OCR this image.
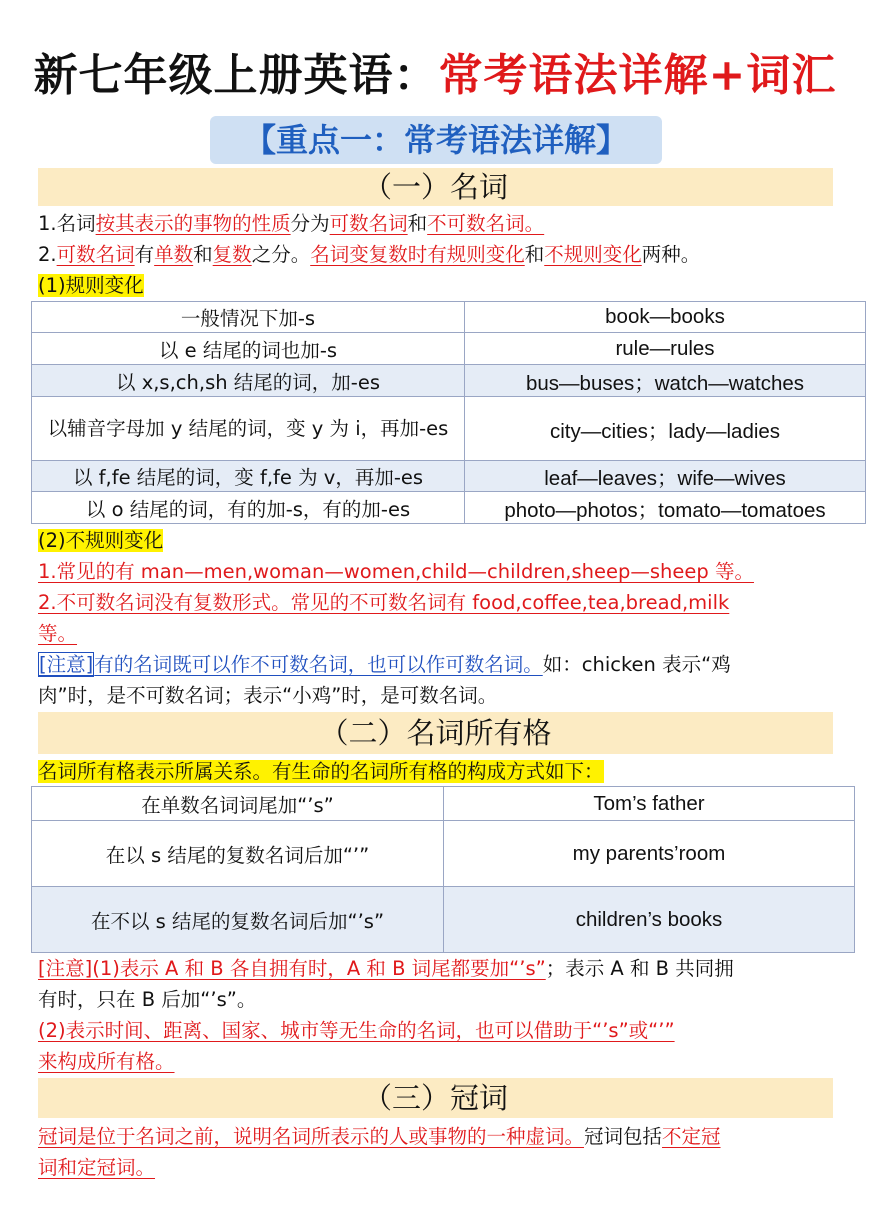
新七年级上册英语：常考语法详解+词汇
【重点一：常考语法详解】
（一）名词
1.名词按其表示的事物的性质分为可数名词和不可数名词。
2.可数名词有单数和复数之分。名词变复数时有规则变化和不规则变化两种。
(1)规则变化
一般情况下加-s	book—books
以 e 结尾的词也加-s	rule—rules
以 x,s,ch,sh 结尾的词，加-es	bus—buses；watch—watches
以辅音字母加 y 结尾的词，变 y 为 i，再加-es	city—cities；lady—ladies
以 f,fe 结尾的词，变 f,fe 为 v，再加-es	leaf—leaves；wife—wives
以 o 结尾的词，有的加-s，有的加-es	photo—photos；tomato—tomatoes
(2)不规则变化
1.常见的有 man—men,woman—women,child—children,sheep—sheep 等。
2.不可数名词没有复数形式。常见的不可数名词有 food,coffee,tea,bread,milk
等。
[注意]有的名词既可以作不可数名词，也可以作可数名词。如：chicken 表示“鸡
肉”时，是不可数名词；表示“小鸡”时，是可数名词。
（二）名词所有格
名词所有格表示所属关系。有生命的名词所有格的构成方式如下：
在单数名词词尾加“’s”	Tom’s father
在以 s 结尾的复数名词后加“’”	my parents’room
在不以 s 结尾的复数名词后加“’s”	children’s books
[注意](1)表示 A 和 B 各自拥有时，A 和 B 词尾都要加“’s”；表示 A 和 B 共同拥
有时，只在 B 后加“’s”。
(2)表示时间、距离、国家、城市等无生命的名词，也可以借助于“’s”或“’”
来构成所有格。
（三）冠词
冠词是位于名词之前，说明名词所表示的人或事物的一种虚词。冠词包括不定冠
词和定冠词。
